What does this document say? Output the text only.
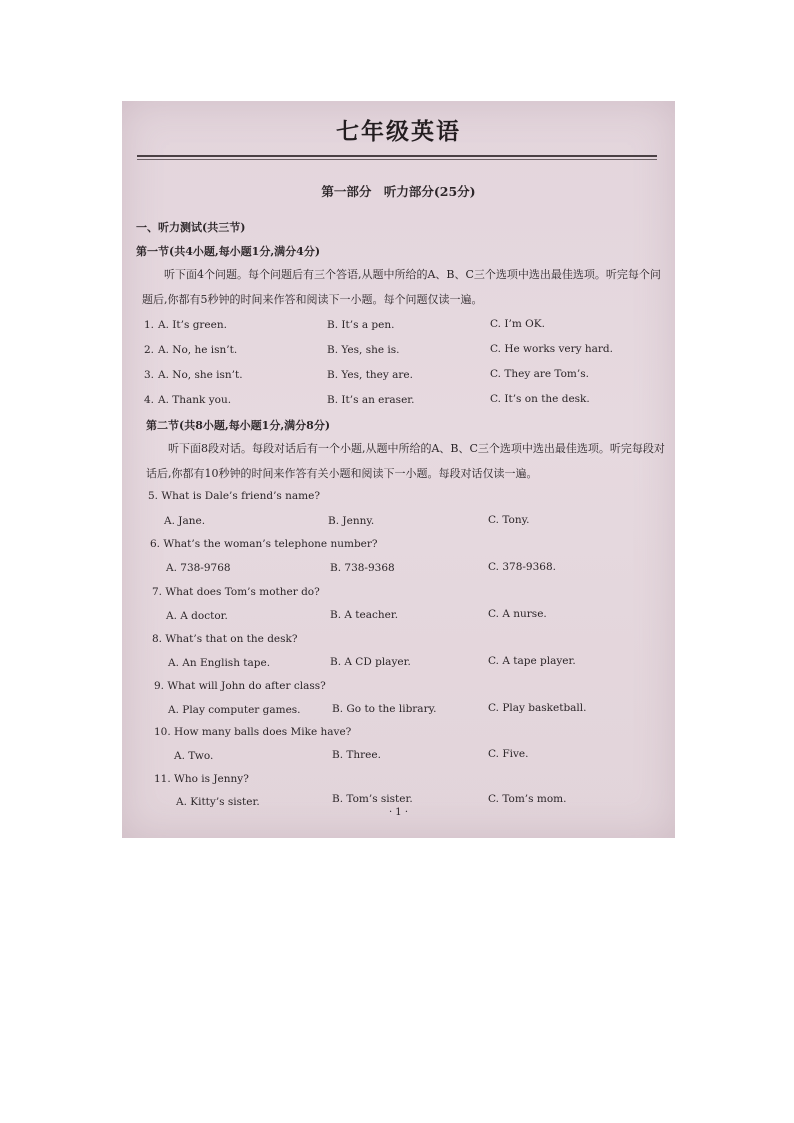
七年级英语
第一部分　听力部分(25分)
一、听力测试(共三节)
第一节(共4小题,每小题1分,满分4分)
听下面4个问题。每个问题后有三个答语,从题中所给的A、B、C三个选项中选出最佳选项。听完每个问题后,你都有5秒钟的时间来作答和阅读下一小题。每个问题仅读一遍。
1. A. It’s green.	B. It’s a pen.	C. I’m OK.
2. A. No, he isn’t.	B. Yes, she is.	C. He works very hard.
3. A. No, she isn’t.	B. Yes, they are.	C. They are Tom’s.
4. A. Thank you.	B. It’s an eraser.	C. It’s on the desk.
第二节(共8小题,每小题1分,满分8分)
听下面8段对话。每段对话后有一个小题,从题中所给的A、B、C三个选项中选出最佳选项。听完每段对话后,你都有10秒钟的时间来作答有关小题和阅读下一小题。每段对话仅读一遍。
5. What is Dale’s friend’s name?
A. Jane.	B. Jenny.	C. Tony.
6. What’s the woman’s telephone number?
A. 738-9768	B. 738-9368	C. 378-9368.
7. What does Tom’s mother do?
A. A doctor.	B. A teacher.	C. A nurse.
8. What’s that on the desk?
A. An English tape.	B. A CD player.	C. A tape player.
9. What will John do after class?
A. Play computer games.	B. Go to the library.	C. Play basketball.
10. How many balls does Mike have?
A. Two.	B. Three.	C. Five.
11. Who is Jenny?
A. Kitty’s sister.	B. Tom’s sister.	C. Tom’s mom.
· 1 ·
